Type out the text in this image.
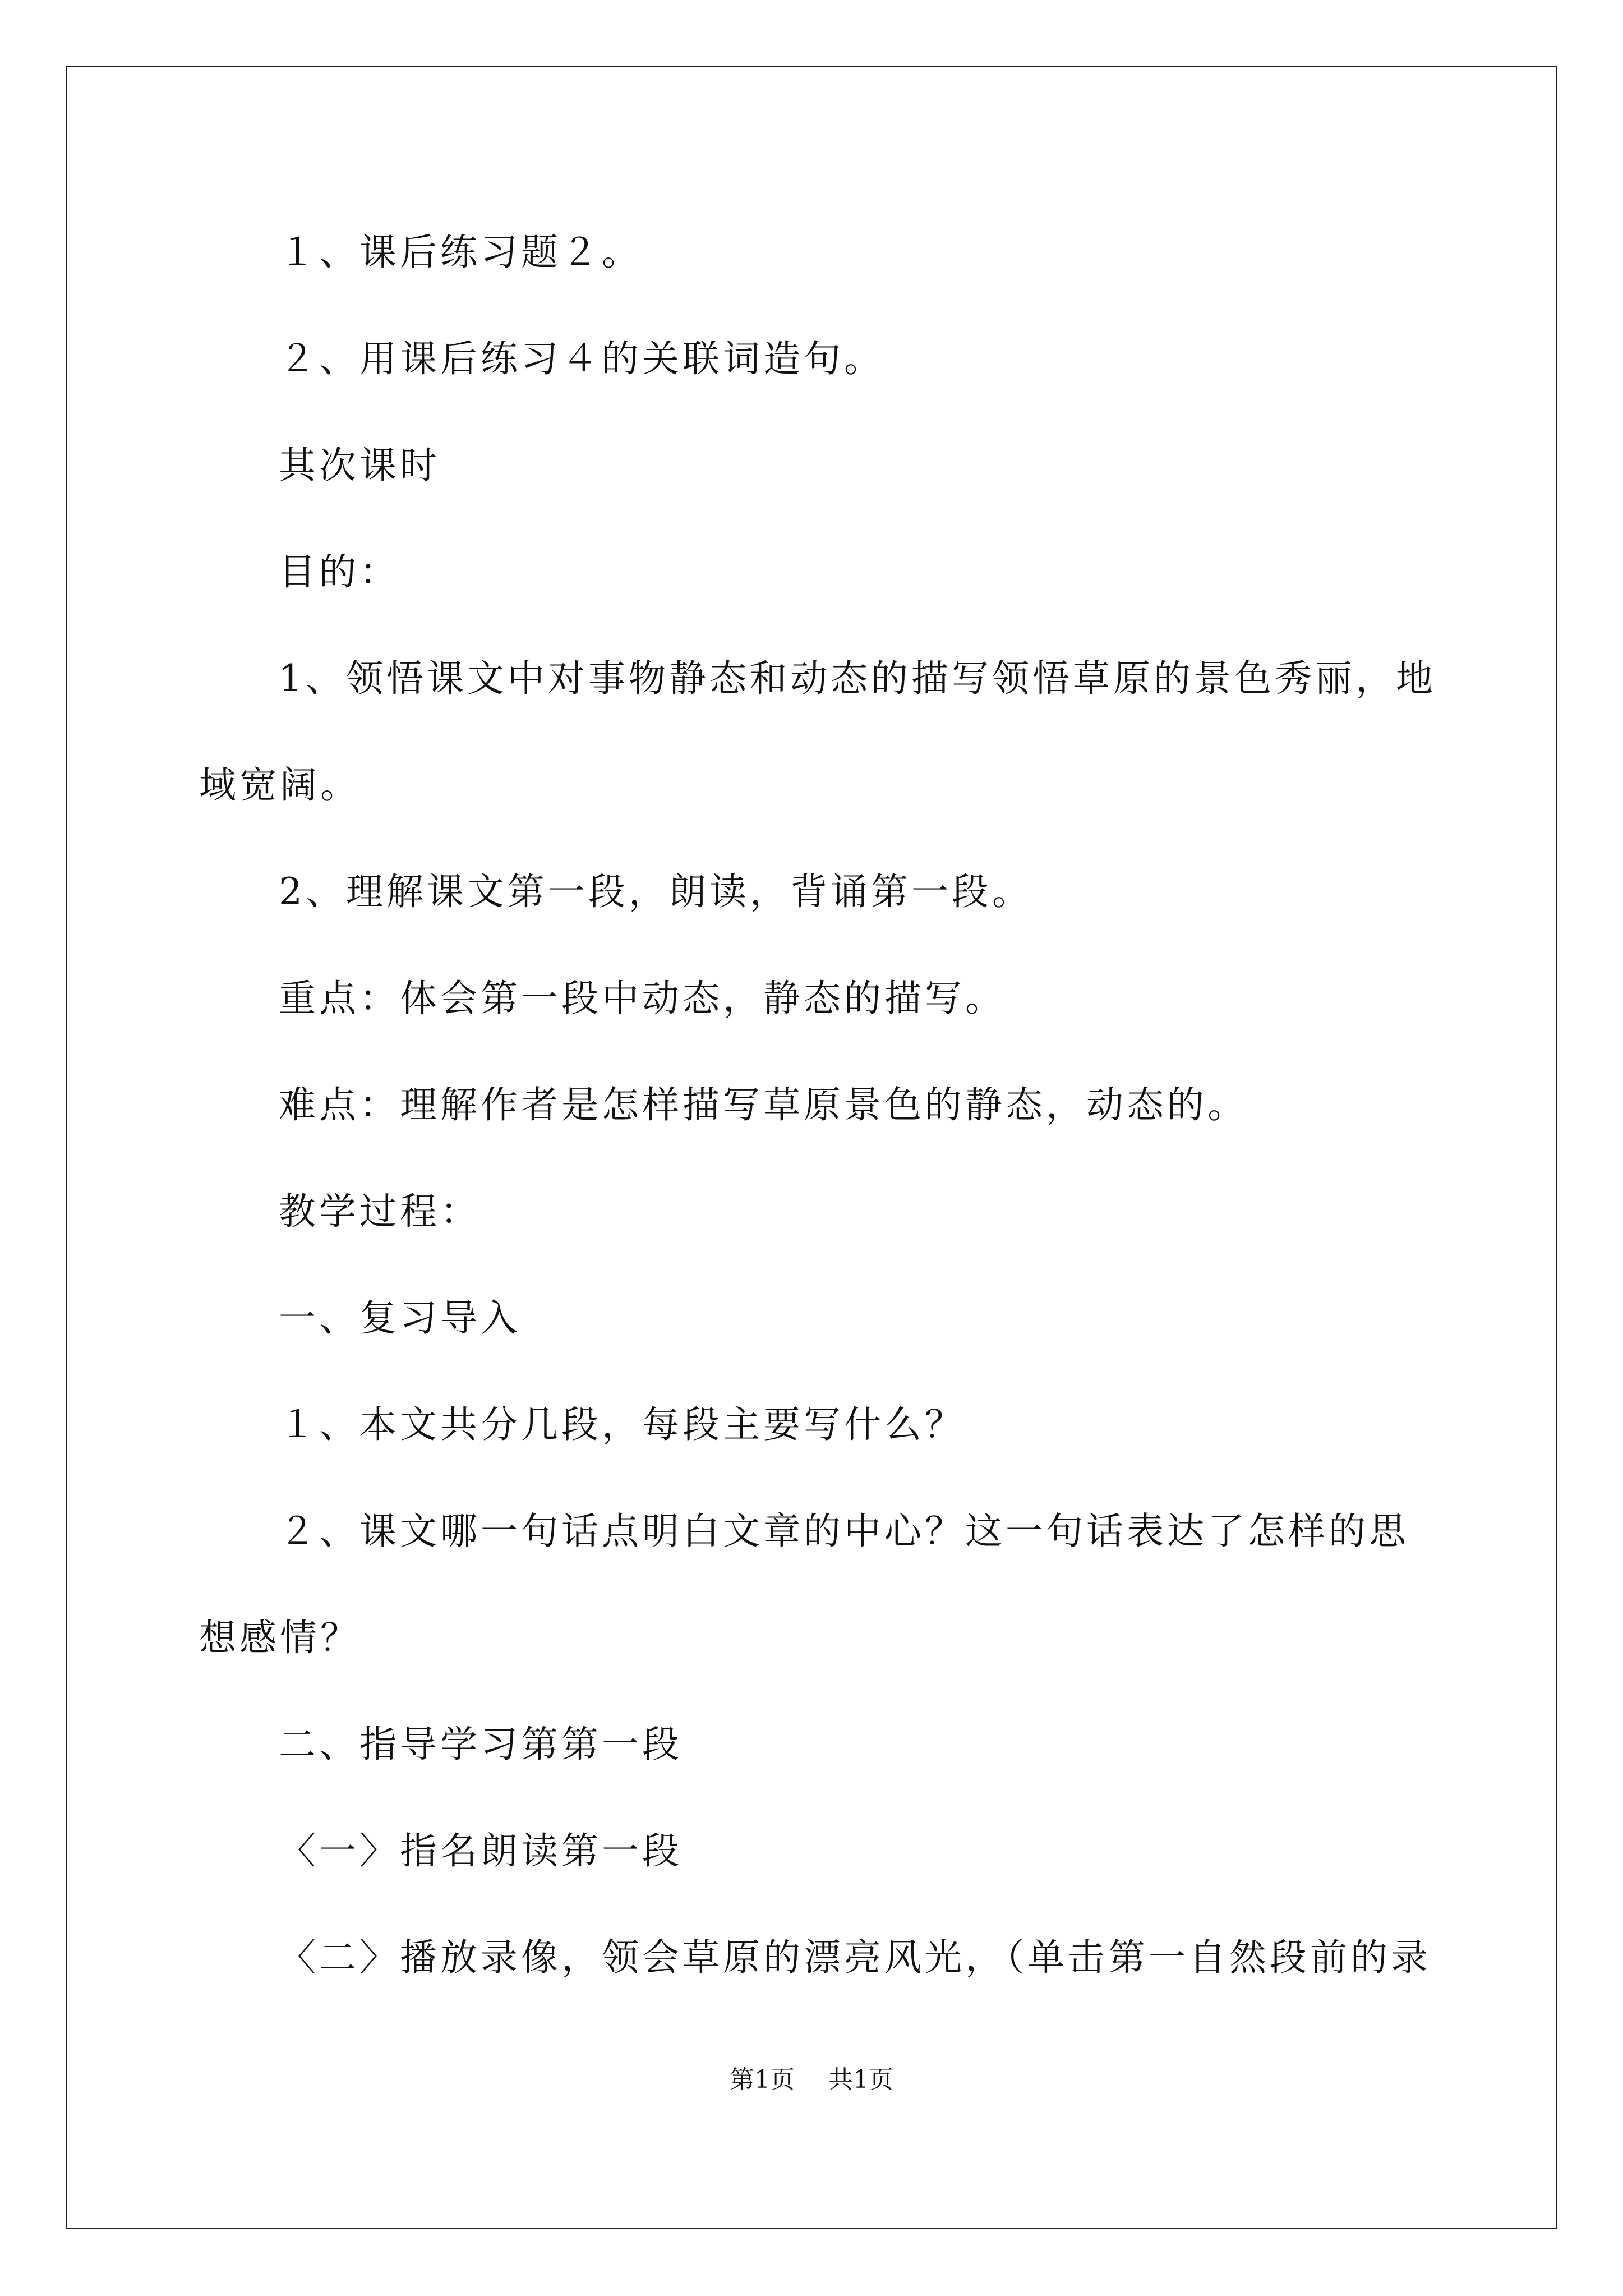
１、课后练习题２。
２、用课后练习４的关联词造句。
其次课时
目的：
1、领悟课文中对事物静态和动态的描写领悟草原的景色秀丽，地
域宽阔。
2、理解课文第一段，朗读，背诵第一段。
重点：体会第一段中动态，静态的描写。
难点：理解作者是怎样描写草原景色的静态，动态的。
教学过程：
一、复习导入
１、本文共分几段，每段主要写什么？
２、课文哪一句话点明白文章的中心？这一句话表达了怎样的思
想感情？
二、指导学习第第一段
〈一〉指名朗读第一段
〈二〉播放录像，领会草原的漂亮风光，（单击第一自然段前的录
第1页 共1页
